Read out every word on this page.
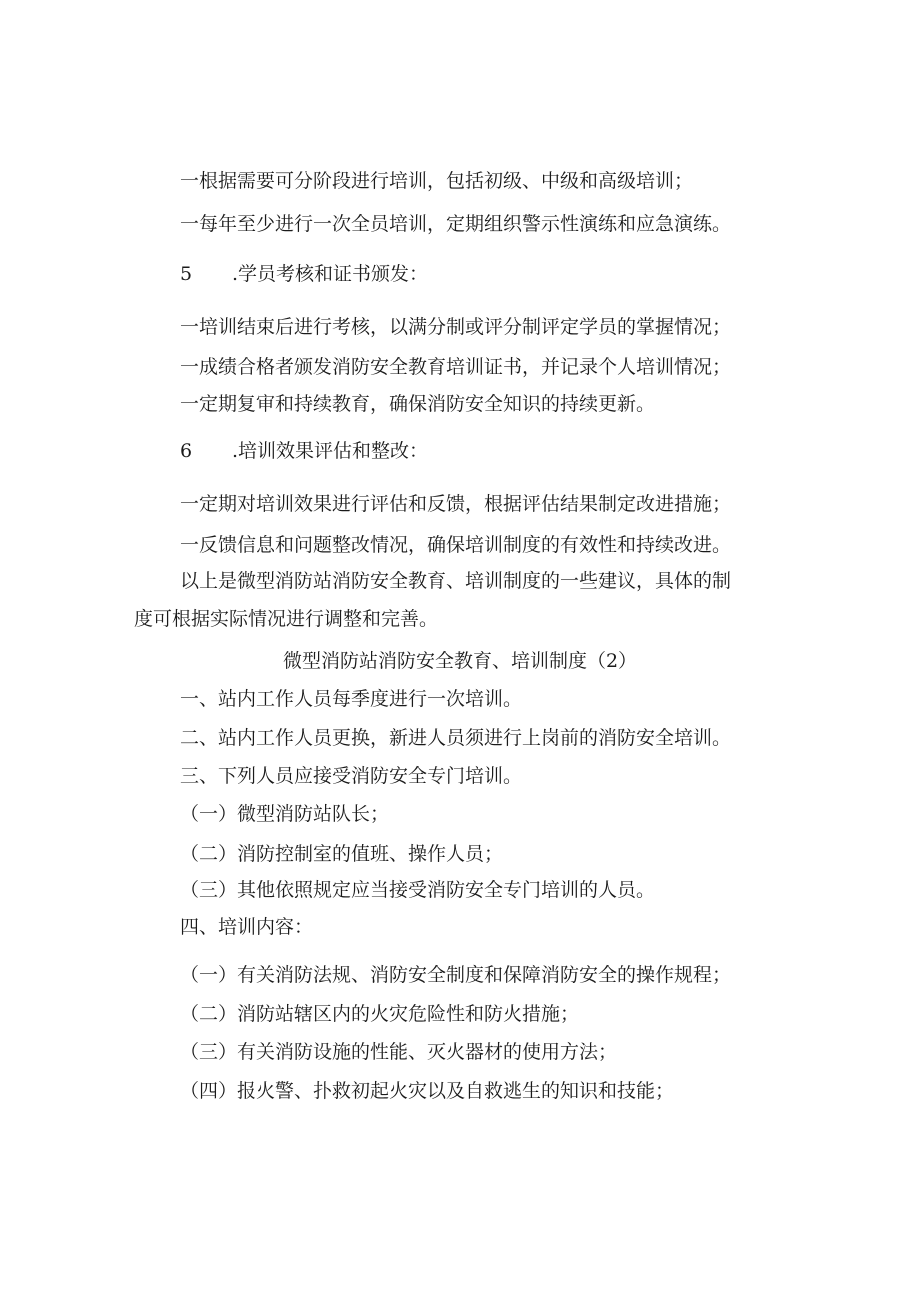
一根据需要可分阶段进行培训，包括初级、中级和高级培训；
一每年至少进行一次全员培训，定期组织警示性演练和应急演练。
5 .学员考核和证书颁发：
一培训结束后进行考核，以满分制或评分制评定学员的掌握情况；
一成绩合格者颁发消防安全教育培训证书，并记录个人培训情况；
一定期复审和持续教育，确保消防安全知识的持续更新。
6 .培训效果评估和整改：
一定期对培训效果进行评估和反馈，根据评估结果制定改进措施；
一反馈信息和问题整改情况，确保培训制度的有效性和持续改进。
以上是微型消防站消防安全教育、培训制度的一些建议，具体的制
度可根据实际情况进行调整和完善。
微型消防站消防安全教育、培训制度（2）
一、站内工作人员每季度进行一次培训。
二、站内工作人员更换，新进人员须进行上岗前的消防安全培训。
三、下列人员应接受消防安全专门培训。
（一）微型消防站队长；
（二）消防控制室的值班、操作人员；
（三）其他依照规定应当接受消防安全专门培训的人员。
四、培训内容：
（一）有关消防法规、消防安全制度和保障消防安全的操作规程；
（二）消防站辖区内的火灾危险性和防火措施；
（三）有关消防设施的性能、灭火器材的使用方法；
（四）报火警、扑救初起火灾以及自救逃生的知识和技能；
